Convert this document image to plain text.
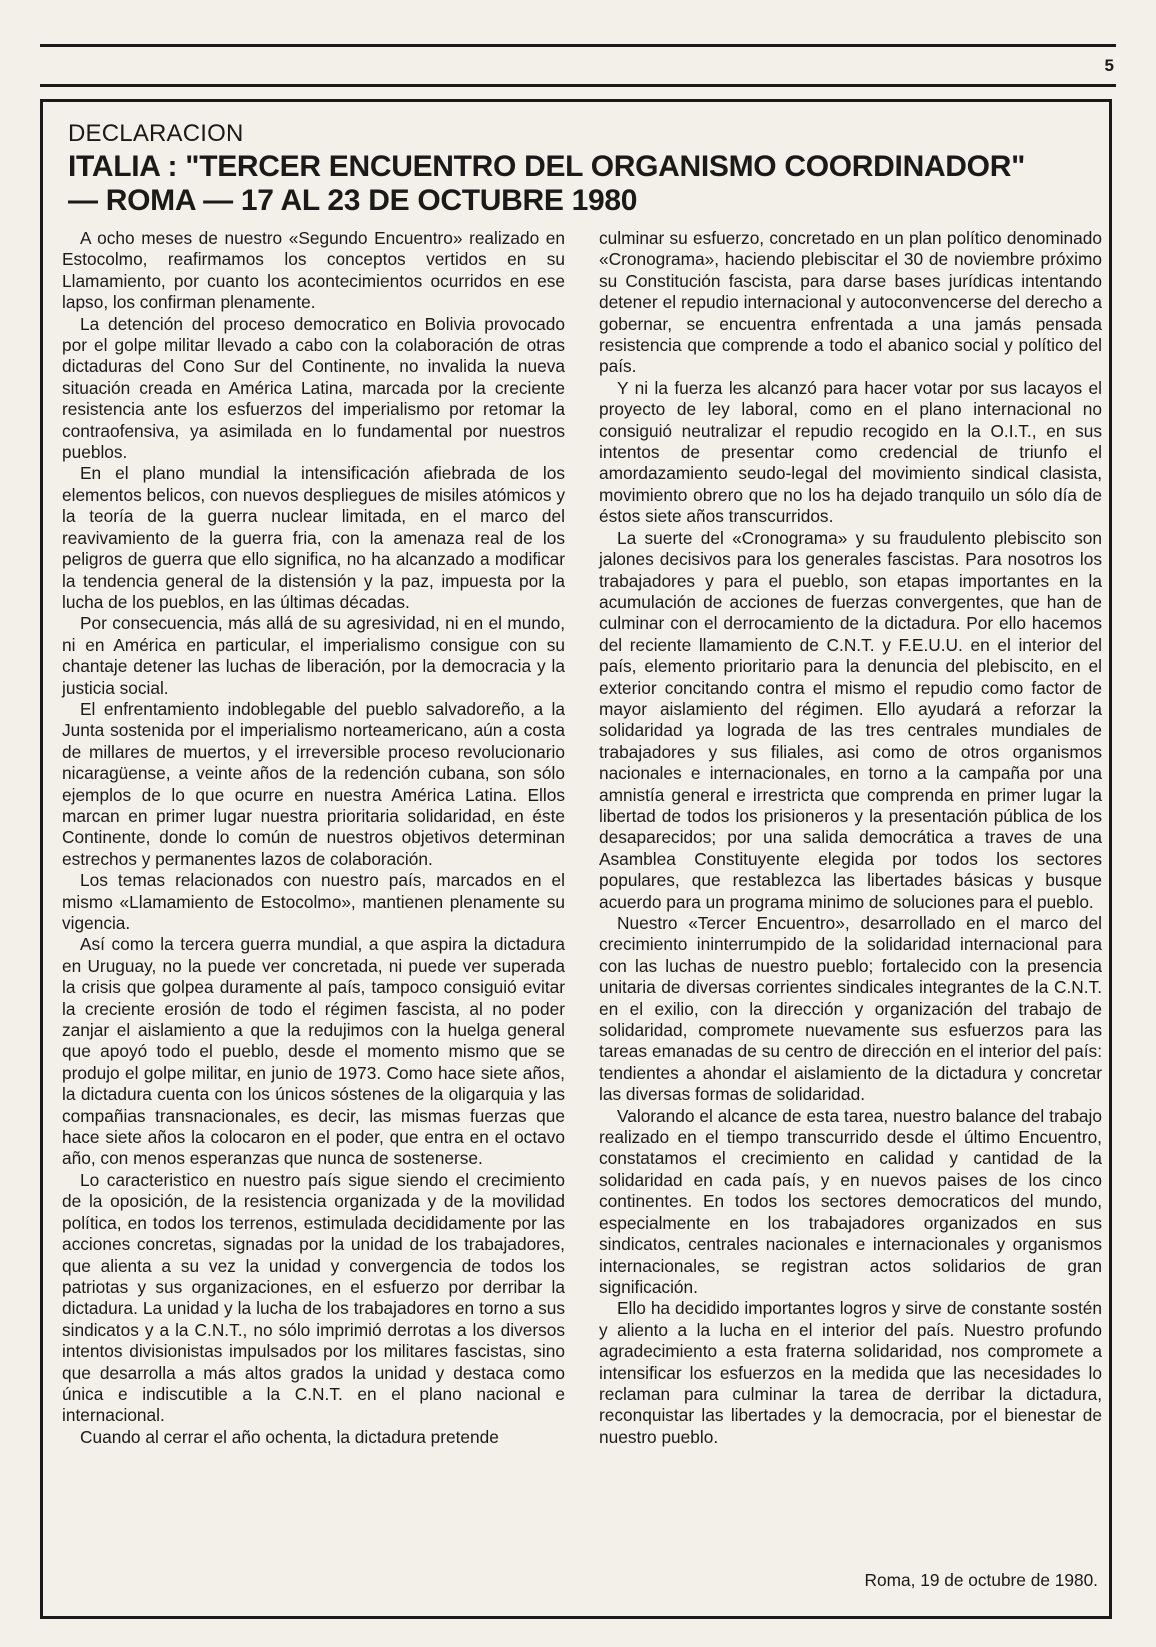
5
DECLARACION
ITALIA : "TERCER ENCUENTRO DEL ORGANISMO COORDINADOR"
— ROMA — 17 AL 23 DE OCTUBRE 1980

A ocho meses de nuestro «Segundo Encuentro» realizado en Estocolmo, reafirmamos los conceptos vertidos en su Llamamiento, por cuanto los acontecimientos ocurridos en ese lapso, los confirman plenamente.

La detención del proceso democratico en Bolivia provocado por el golpe militar llevado a cabo con la colaboración de otras dictaduras del Cono Sur del Continente, no invalida la nueva situación creada en América Latina, marcada por la creciente resistencia ante los esfuerzos del imperialismo por retomar la contraofensiva, ya asimilada en lo fundamental por nuestros pueblos.

En el plano mundial la intensificación afiebrada de los elementos belicos, con nuevos despliegues de misiles atómicos y la teoría de la guerra nuclear limitada, en el marco del reavivamiento de la guerra fria, con la amenaza real de los peligros de guerra que ello significa, no ha alcanzado a modificar la tendencia general de la distensión y la paz, impuesta por la lucha de los pueblos, en las últimas décadas.

Por consecuencia, más allá de su agresividad, ni en el mundo, ni en América en particular, el imperialismo consigue con su chantaje detener las luchas de liberación, por la democracia y la justicia social.

El enfrentamiento indoblegable del pueblo salvadoreño, a la Junta sostenida por el imperialismo norteamericano, aún a costa de millares de muertos, y el irreversible proceso revolucionario nicaragüense, a veinte años de la redención cubana, son sólo ejemplos de lo que ocurre en nuestra América Latina. Ellos marcan en primer lugar nuestra prioritaria solidaridad, en éste Continente, donde lo común de nuestros objetivos determinan estrechos y permanentes lazos de colaboración.

Los temas relacionados con nuestro país, marcados en el mismo «Llamamiento de Estocolmo», mantienen plenamente su vigencia.

Así como la tercera guerra mundial, a que aspira la dictadura en Uruguay, no la puede ver concretada, ni puede ver superada la crisis que golpea duramente al país, tampoco consiguió evitar la creciente erosión de todo el régimen fascista, al no poder zanjar el aislamiento a que la redujimos con la huelga general que apoyó todo el pueblo, desde el momento mismo que se produjo el golpe militar, en junio de 1973. Como hace siete años, la dictadura cuenta con los únicos sóstenes de la oligarquia y las compañias transnacionales, es decir, las mismas fuerzas que hace siete años la colocaron en el poder, que entra en el octavo año, con menos esperanzas que nunca de sostenerse.

Lo caracteristico en nuestro país sigue siendo el crecimiento de la oposición, de la resistencia organizada y de la movilidad política, en todos los terrenos, estimulada decididamente por las acciones concretas, signadas por la unidad de los trabajadores, que alienta a su vez la unidad y convergencia de todos los patriotas y sus organizaciones, en el esfuerzo por derribar la dictadura. La unidad y la lucha de los trabajadores en torno a sus sindicatos y a la C.N.T., no sólo imprimió derrotas a los diversos intentos divisionistas impulsados por los militares fascistas, sino que desarrolla a más altos grados la unidad y destaca como única e indiscutible a la C.N.T. en el plano nacional e internacional.

Cuando al cerrar el año ochenta, la dictadura pretende

culminar su esfuerzo, concretado en un plan político denominado «Cronograma», haciendo plebiscitar el 30 de noviembre próximo su Constitución fascista, para darse bases jurídicas intentando detener el repudio internacional y autoconvencerse del derecho a gobernar, se encuentra enfrentada a una jamás pensada resistencia que comprende a todo el abanico social y político del país.

Y ni la fuerza les alcanzó para hacer votar por sus lacayos el proyecto de ley laboral, como en el plano internacional no consiguió neutralizar el repudio recogido en la O.I.T., en sus intentos de presentar como credencial de triunfo el amordazamiento seudo-legal del movimiento sindical clasista, movimiento obrero que no los ha dejado tranquilo un sólo día de éstos siete años transcurridos.

La suerte del «Cronograma» y su fraudulento plebiscito son jalones decisivos para los generales fascistas. Para nosotros los trabajadores y para el pueblo, son etapas importantes en la acumulación de acciones de fuerzas convergentes, que han de culminar con el derrocamiento de la dictadura. Por ello hacemos del reciente llamamiento de C.N.T. y F.E.U.U. en el interior del país, elemento prioritario para la denuncia del plebiscito, en el exterior concitando contra el mismo el repudio como factor de mayor aislamiento del régimen. Ello ayudará a reforzar la solidaridad ya lograda de las tres centrales mundiales de trabajadores y sus filiales, asi como de otros organismos nacionales e internacionales, en torno a la campaña por una amnistía general e irrestricta que comprenda en primer lugar la libertad de todos los prisioneros y la presentación pública de los desaparecidos; por una salida democrática a traves de una Asamblea Constituyente elegida por todos los sectores populares, que restablezca las libertades básicas y busque acuerdo para un programa minimo de soluciones para el pueblo.

Nuestro «Tercer Encuentro», desarrollado en el marco del crecimiento ininterrumpido de la solidaridad internacional para con las luchas de nuestro pueblo; fortalecido con la presencia unitaria de diversas corrientes sindicales integrantes de la C.N.T. en el exilio, con la dirección y organización del trabajo de solidaridad, compromete nuevamente sus esfuerzos para las tareas emanadas de su centro de dirección en el interior del país: tendientes a ahondar el aislamiento de la dictadura y concretar las diversas formas de solidaridad.

Valorando el alcance de esta tarea, nuestro balance del trabajo realizado en el tiempo transcurrido desde el último Encuentro, constatamos el crecimiento en calidad y cantidad de la solidaridad en cada país, y en nuevos paises de los cinco continentes. En todos los sectores democraticos del mundo, especialmente en los trabajadores organizados en sus sindicatos, centrales nacionales e internacionales y organismos internacionales, se registran actos solidarios de gran significación.

Ello ha decidido importantes logros y sirve de constante sostén y aliento a la lucha en el interior del país. Nuestro profundo agradecimiento a esta fraterna solidaridad, nos compromete a intensificar los esfuerzos en la medida que las necesidades lo reclaman para culminar la tarea de derribar la dictadura, reconquistar las libertades y la democracia, por el bienestar de nuestro pueblo.

Roma, 19 de octubre de 1980.
